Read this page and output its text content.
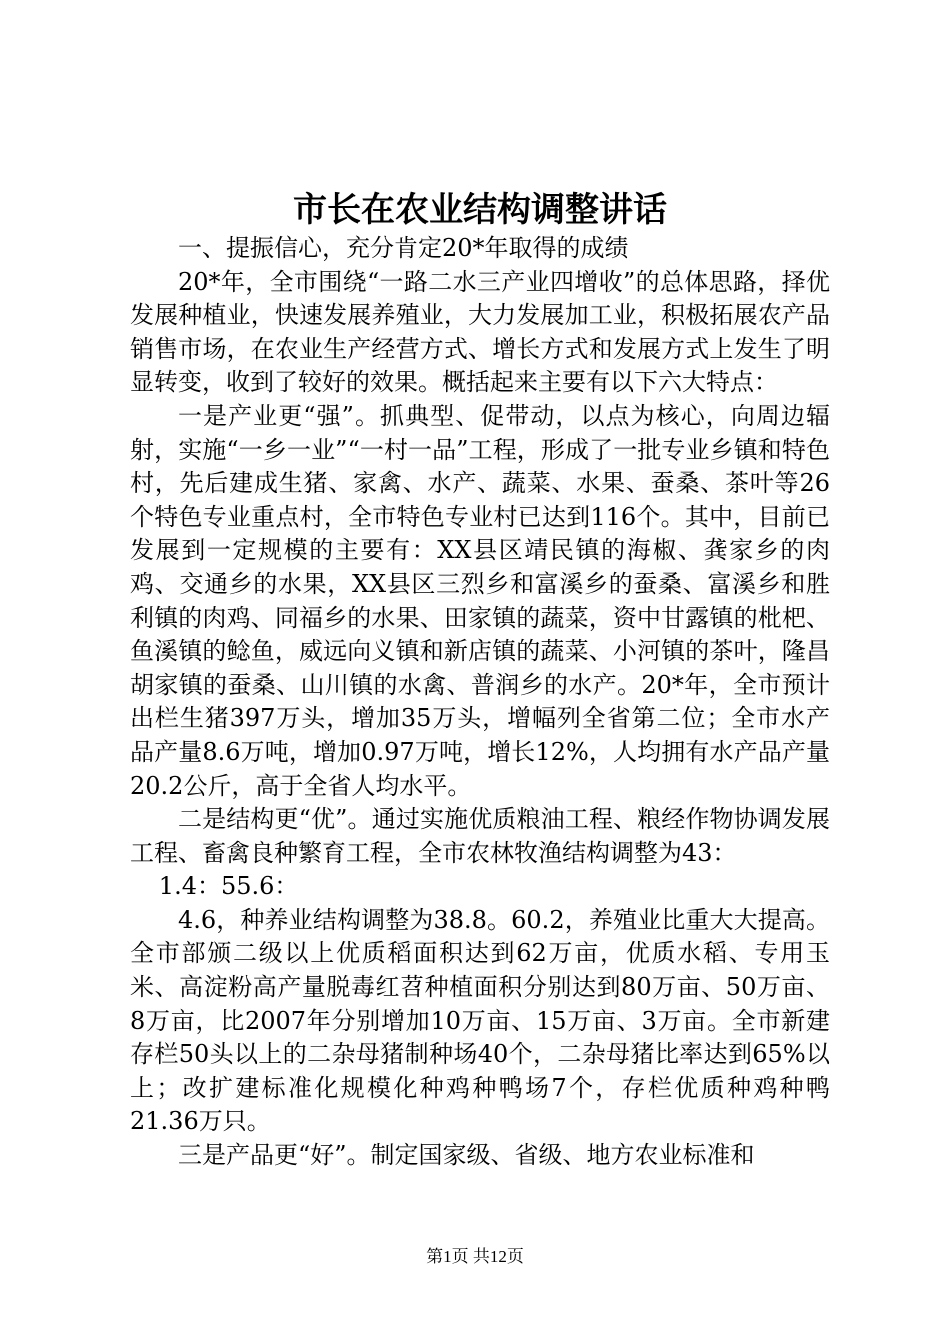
市长在农业结构调整讲话

一、提振信心，充分肯定20*年取得的成绩

20*年，全市围绕“一路二水三产业四增收”的总体思路，择优发展种植业，快速发展养殖业，大力发展加工业，积极拓展农产品销售市场，在农业生产经营方式、增长方式和发展方式上发生了明显转变，收到了较好的效果。概括起来主要有以下六大特点：

一是产业更“强”。抓典型、促带动，以点为核心，向周边辐射，实施“一乡一业”“一村一品”工程，形成了一批专业乡镇和特色村，先后建成生猪、家禽、水产、蔬菜、水果、蚕桑、茶叶等26个特色专业重点村，全市特色专业村已达到116个。其中，目前已发展到一定规模的主要有：XX县区靖民镇的海椒、龚家乡的肉鸡、交通乡的水果，XX县区三烈乡和富溪乡的蚕桑、富溪乡和胜利镇的肉鸡、同福乡的水果、田家镇的蔬菜，资中甘露镇的枇杷、鱼溪镇的鲶鱼，威远向义镇和新店镇的蔬菜、小河镇的茶叶，隆昌胡家镇的蚕桑、山川镇的水禽、普润乡的水产。20*年，全市预计出栏生猪397万头，增加35万头，增幅列全省第二位；全市水产品产量8.6万吨，增加0.97万吨，增长12%，人均拥有水产品产量20.2公斤，高于全省人均水平。

二是结构更“优”。通过实施优质粮油工程、粮经作物协调发展工程、畜禽良种繁育工程，全市农林牧渔结构调整为43：

1.4：55.6：

4.6，种养业结构调整为38.8。60.2，养殖业比重大大提高。全市部颁二级以上优质稻面积达到62万亩，优质水稻、专用玉米、高淀粉高产量脱毒红苕种植面积分别达到80万亩、50万亩、8万亩，比2007年分别增加10万亩、15万亩、3万亩。全市新建存栏50头以上的二杂母猪制种场40个，二杂母猪比率达到65%以上；改扩建标准化规模化种鸡种鸭场7个，存栏优质种鸡种鸭21.36万只。

三是产品更“好”。制定国家级、省级、地方农业标准和

第1页 共12页
